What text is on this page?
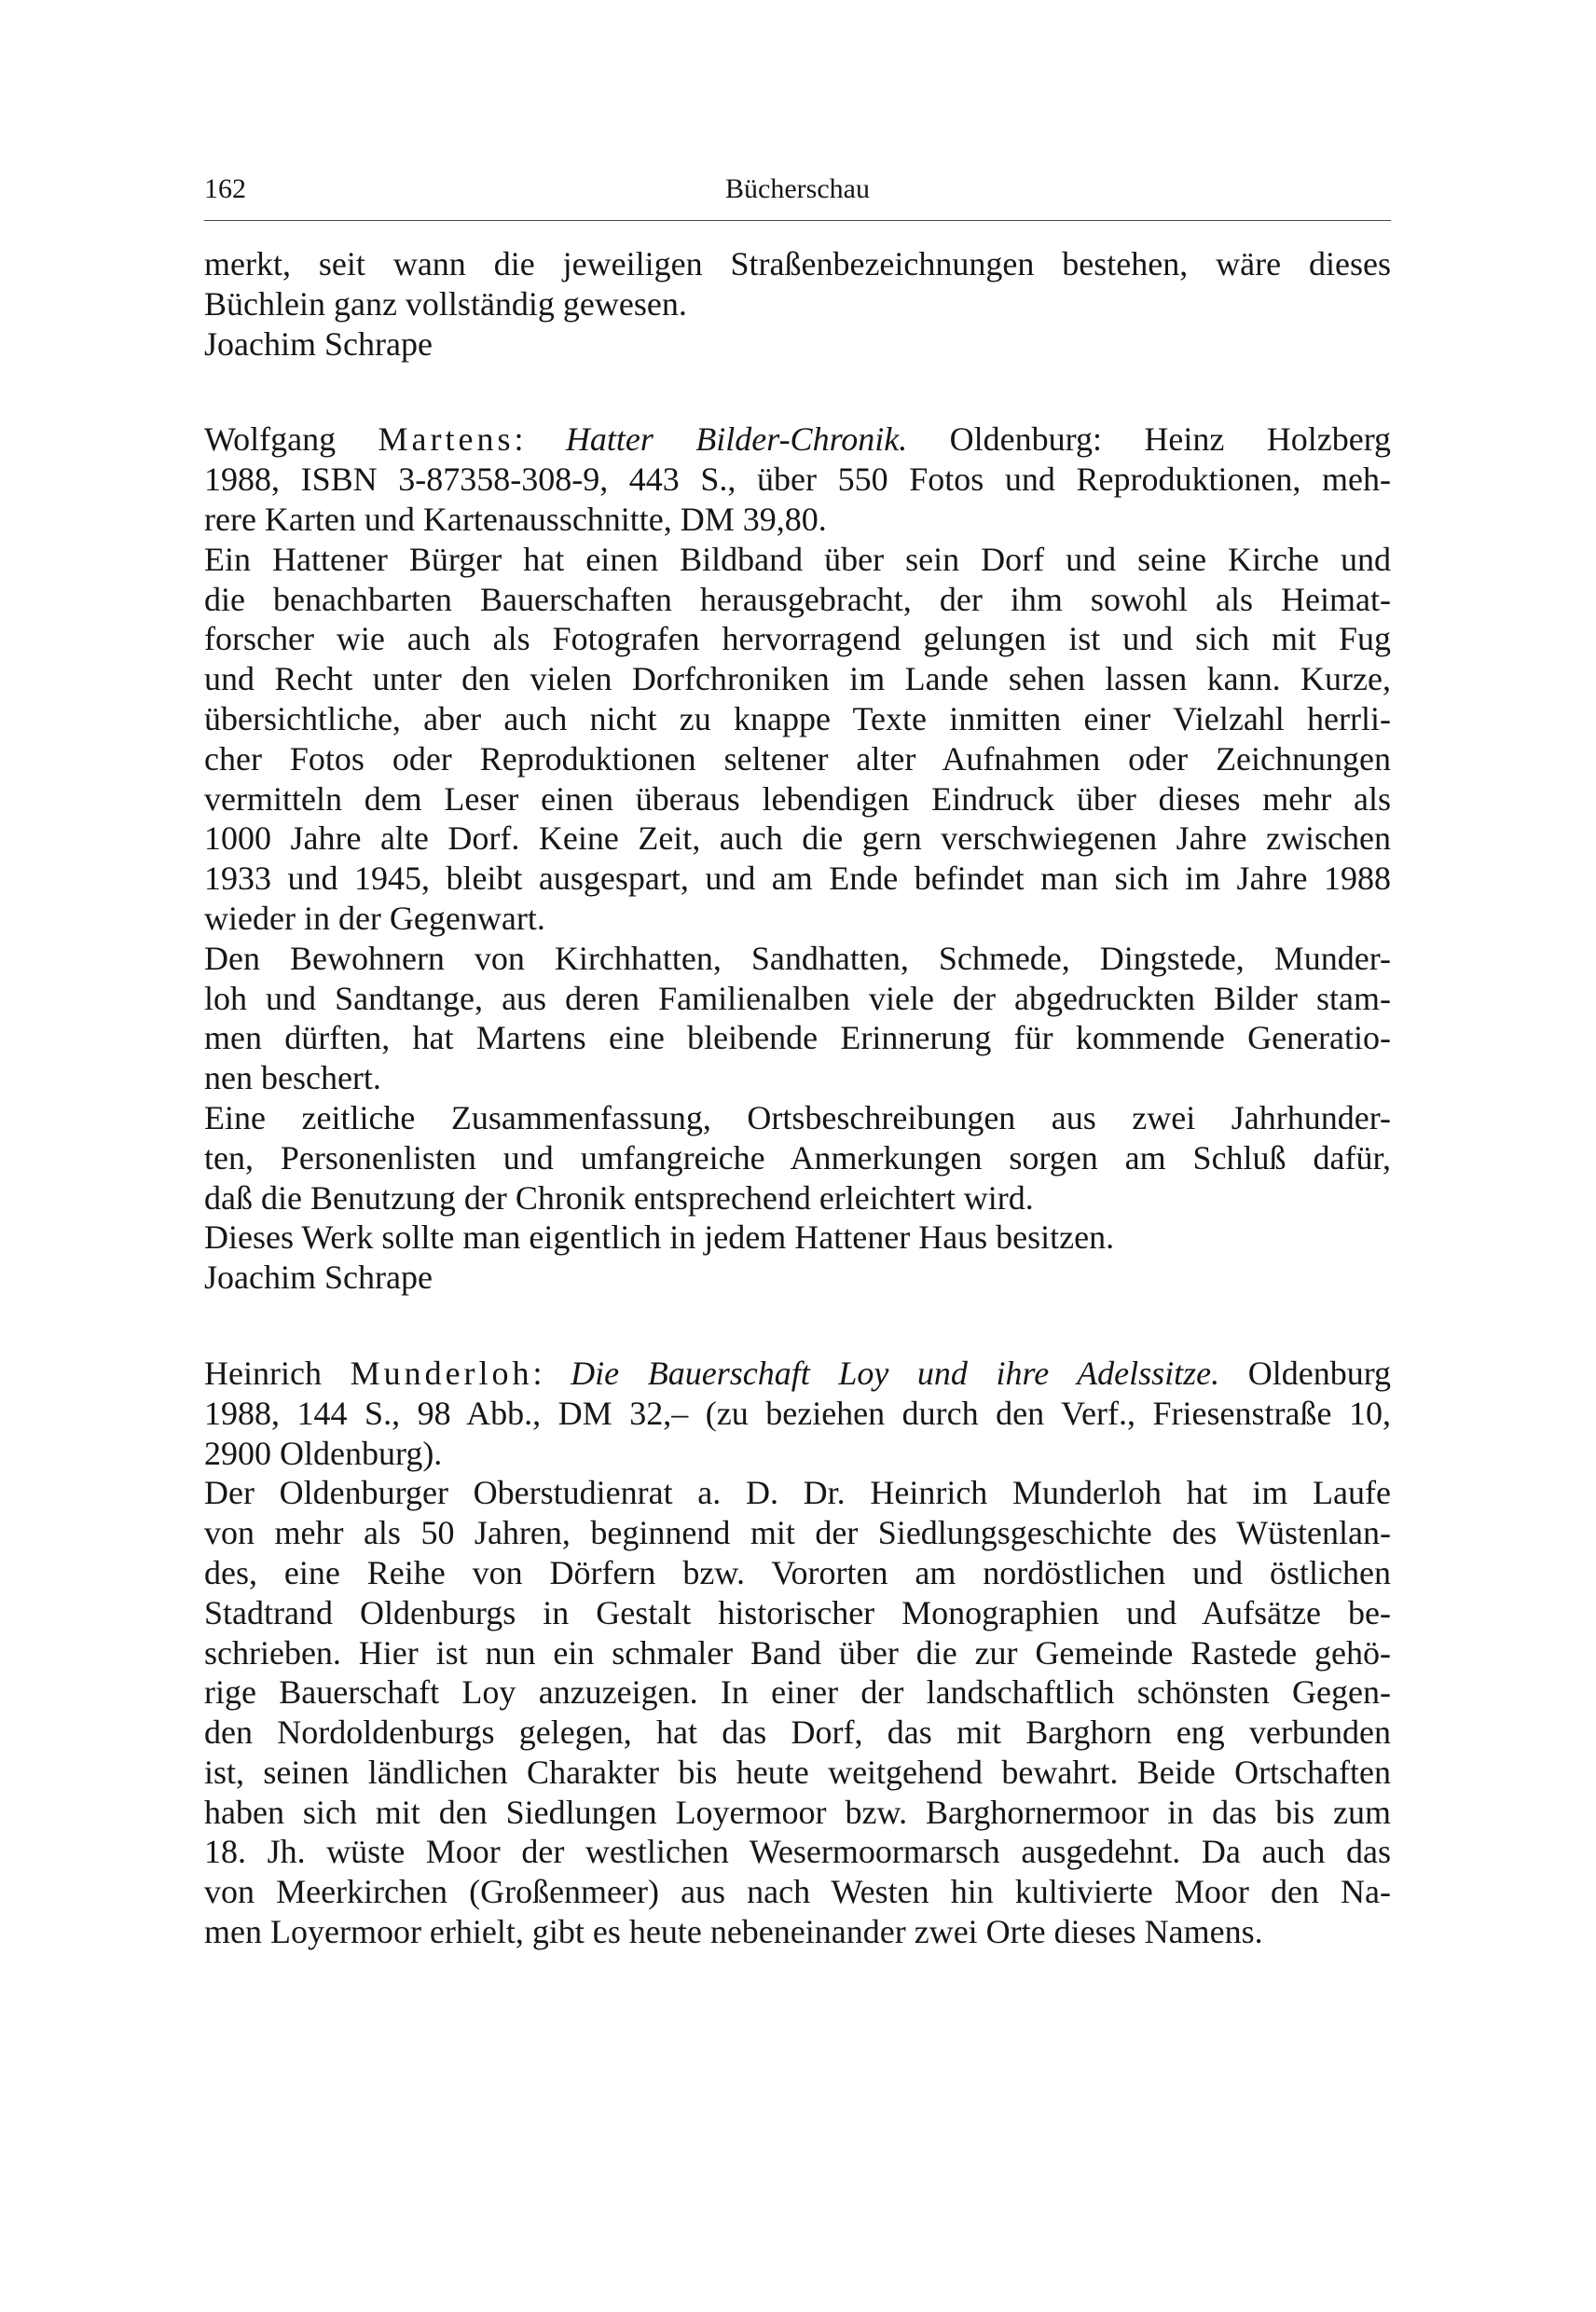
162	Bücherschau

merkt, seit wann die jeweiligen Straßenbezeichnungen bestehen, wäre dieses
Büchlein ganz vollständig gewesen.

Joachim Schrape

Wolfgang Martens: Hatter Bilder-Chronik. Oldenburg: Heinz Holzberg
1988, ISBN 3-87358-308-9, 443 S., über 550 Fotos und Reproduktionen, meh-
rere Karten und Kartenausschnitte, DM 39,80.

Ein Hattener Bürger hat einen Bildband über sein Dorf und seine Kirche und
die benachbarten Bauerschaften herausgebracht, der ihm sowohl als Heimat-
forscher wie auch als Fotografen hervorragend gelungen ist und sich mit Fug
und Recht unter den vielen Dorfchroniken im Lande sehen lassen kann. Kurze,
übersichtliche, aber auch nicht zu knappe Texte inmitten einer Vielzahl herrli-
cher Fotos oder Reproduktionen seltener alter Aufnahmen oder Zeichnungen
vermitteln dem Leser einen überaus lebendigen Eindruck über dieses mehr als
1000 Jahre alte Dorf. Keine Zeit, auch die gern verschwiegenen Jahre zwischen
1933 und 1945, bleibt ausgespart, und am Ende befindet man sich im Jahre 1988
wieder in der Gegenwart.

Den Bewohnern von Kirchhatten, Sandhatten, Schmede, Dingstede, Munder-
loh und Sandtange, aus deren Familienalben viele der abgedruckten Bilder stam-
men dürften, hat Martens eine bleibende Erinnerung für kommende Generatio-
nen beschert.

Eine zeitliche Zusammenfassung, Ortsbeschreibungen aus zwei Jahrhunder-
ten, Personenlisten und umfangreiche Anmerkungen sorgen am Schluß dafür,
daß die Benutzung der Chronik entsprechend erleichtert wird.

Dieses Werk sollte man eigentlich in jedem Hattener Haus besitzen.

Joachim Schrape

Heinrich Munderloh: Die Bauerschaft Loy und ihre Adelssitze. Oldenburg
1988, 144 S., 98 Abb., DM 32,– (zu beziehen durch den Verf., Friesenstraße 10,
2900 Oldenburg).

Der Oldenburger Oberstudienrat a. D. Dr. Heinrich Munderloh hat im Laufe
von mehr als 50 Jahren, beginnend mit der Siedlungsgeschichte des Wüstenlan-
des, eine Reihe von Dörfern bzw. Vororten am nordöstlichen und östlichen
Stadtrand Oldenburgs in Gestalt historischer Monographien und Aufsätze be-
schrieben. Hier ist nun ein schmaler Band über die zur Gemeinde Rastede gehö-
rige Bauerschaft Loy anzuzeigen. In einer der landschaftlich schönsten Gegen-
den Nordoldenburgs gelegen, hat das Dorf, das mit Barghorn eng verbunden
ist, seinen ländlichen Charakter bis heute weitgehend bewahrt. Beide Ortschaften
haben sich mit den Siedlungen Loyermoor bzw. Barghornermoor in das bis zum
18. Jh. wüste Moor der westlichen Wesermoormarsch ausgedehnt. Da auch das
von Meerkirchen (Großenmeer) aus nach Westen hin kultivierte Moor den Na-
men Loyermoor erhielt, gibt es heute nebeneinander zwei Orte dieses Namens.
